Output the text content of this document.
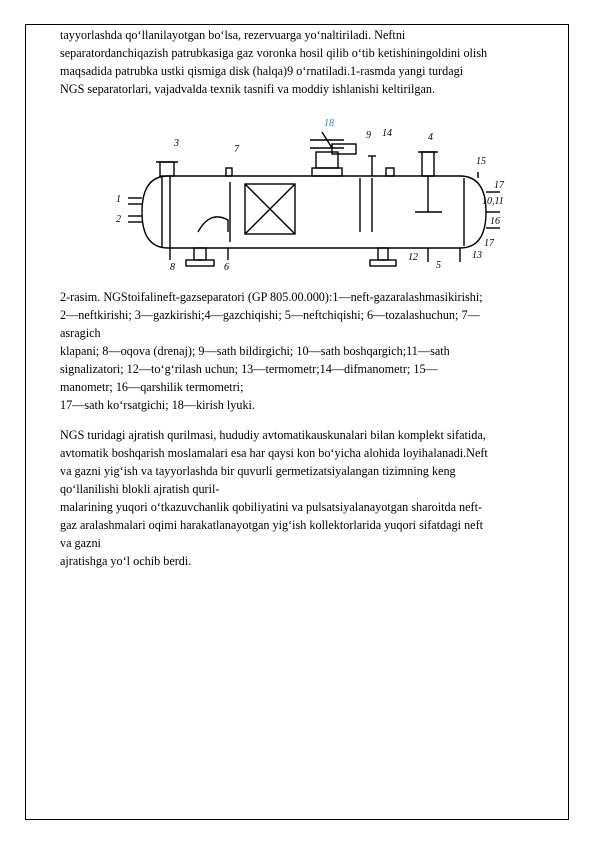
tayyorlashda qo‘llanilayotgan bo‘lsa, rezervuarga yo‘naltiriladi. Neftni

separatordanchiqazish patrubkasiga gaz voronka hosil qilib o‘tib ketishiningoldini olish

maqsadida patrubka ustki qismiga disk (halqa)9 o‘rnatiladi.1-rasmda yangi turdagi

NGS separatorlari, vajadvalda texnik tasnifi va moddiy ishlanishi keltirilgan.

1
2
3
4
5
6
7
8
9
10,11
12	13
14
15
16
17
17
18

2-rasim. NGStoifalineft-gazseparatori (GP 805.00.000):1—neft-gazaralashmasikirishi;

2—neftkirishi; 3—gazkirishi;4—gazchiqishi; 5—neftchiqishi; 6—tozalashuchun; 7—

asragich

klapani; 8—oqova (drenaj); 9—sath bildirgichi; 10—sath boshqargich;11—sath

signalizatori; 12—to‘g‘rilash uchun; 13—termometr;14—difmanometr; 15—

manometr; 16—qarshilik termometri;

17—sath ko‘rsatgichi; 18—kirish lyuki.

NGS turidagi ajratish qurilmasi, hududiy avtomatikauskunalari bilan komplekt sifatida,

avtomatik boshqarish moslamalari esa har qaysi kon bo‘yicha alohida loyihalanadi.Neft

va gazni yig‘ish va tayyorlashda bir quvurli germetizatsiyalangan tizimning keng

qo‘llanilishi blokli ajratish quril-

malarining yuqori o‘tkazuvchanlik qobiliyatini va pulsatsiyalanayotgan sharoitda neft-

gaz aralashmalari oqimi harakatlanayotgan yig‘ish kollektorlarida yuqori sifatdagi neft

va gazni

ajratishga yo‘l ochib berdi.
